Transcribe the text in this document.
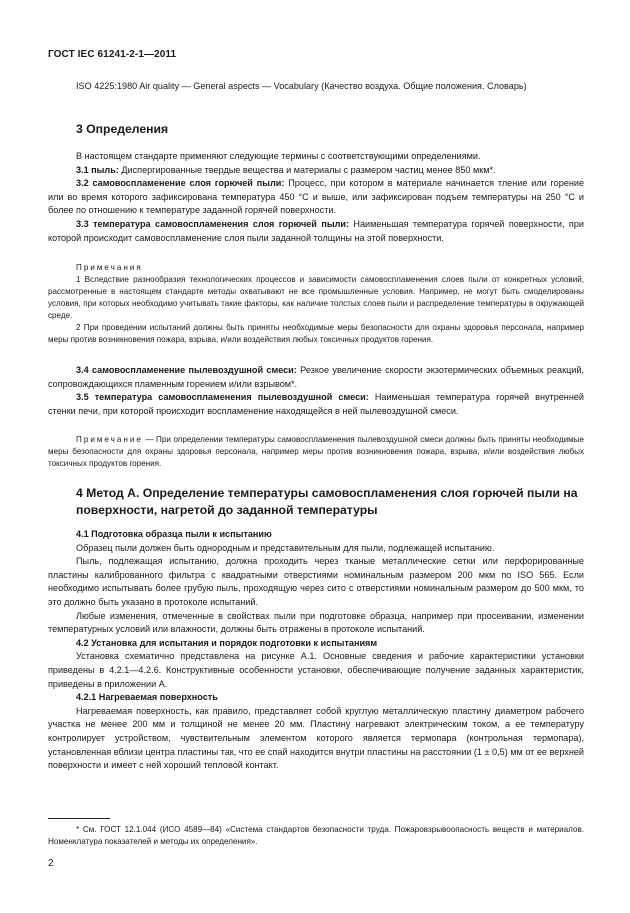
ГОСТ IEC 61241-2-1—2011

ISO 4225:1980 Air quality — General aspects — Vocabulary (Качество воздуха. Общие положения. Словарь)

3 Определения

В настоящем стандарте применяют следующие термины с соответствующими определениями.

3.1 пыль: Диспергированные твердые вещества и материалы с размером частиц менее 850 мкм*.

3.2 самовоспламенение слоя горючей пыли: Процесс, при котором в материале начинается тление или горение или во время которого зафиксирована температура 450 °С и выше, или зафиксирован подъем температуры на 250 °С и более по отношению к температуре заданной горячей поверхности.

3.3 температура самовоспламенения слоя горючей пыли: Наименьшая температура горячей поверхности, при которой происходит самовоспламенение слоя пыли заданной толщины на этой поверхности.

Примечания

1 Вследствие разнообразия технологических процессов и зависимости самовоспламенения слоев пыли от конкретных условий, рассмотренные в настоящем стандарте методы охватывают не все промышленные условия. Например, не могут быть смоделированы условия, при которых необходимо учитывать такие факторы, как наличие толстых слоев пыли и распределение температуры в окружающей среде.

2 При проведении испытаний должны быть приняты необходимые меры безопасности для охраны здоровья персонала, например меры против возникновения пожара, взрыва, и/или воздействия любых токсичных продуктов горения.

3.4 самовоспламенение пылевоздушной смеси: Резкое увеличение скорости экзотермических объемных реакций, сопровождающихся пламенным горением и/или взрывом*.

3.5 температура самовоспламенения пылевоздушной смеси: Наименьшая температура горячей внутренней стенки печи, при которой происходит воспламенение находящейся в ней пылевоздушной смеси.

Примечание — При определении температуры самовоспламенения пылевоздушной смеси должны быть приняты необходимые меры безопасности для охраны здоровья персонала, например меры против возникновения пожара, взрыва, и/или воздействия любых токсичных продуктов горения.

4 Метод А. Определение температуры самовоспламенения слоя горючей пыли на поверхности, нагретой до заданной температуры

4.1 Подготовка образца пыли к испытанию

Образец пыли должен быть однородным и представительным для пыли, подлежащей испытанию.

Пыль, подлежащая испытанию, должна проходить через тканые металлические сетки или перфорированные пластины калиброванного фильтра с квадратными отверстиями номинальным размером 200 мкм по ISO 565. Если необходимо испытывать более грубую пыль, проходящую через сито с отверстиями номинальным размером до 500 мкм, то это должно быть указано в протоколе испытаний.

Любые изменения, отмеченные в свойствах пыли при подготовке образца, например при просеивании, изменении температурных условий или влажности, должны быть отражены в протоколе испытаний.

4.2 Установка для испытания и порядок подготовки к испытаниям

Установка схематично представлена на рисунке А.1. Основные сведения и рабочие характеристики установки приведены в 4.2.1—4.2.6. Конструктивные особенности установки, обеспечивающие получение заданных характеристик, приведены в приложении А.

4.2.1 Нагреваемая поверхность

Нагреваемая поверхность, как правило, представляет собой круглую металлическую пластину диаметром рабочего участка не менее 200 мм и толщиной не менее 20 мм. Пластину нагревают электрическим током, а ее температуру контролирует устройством, чувствительным элементом которого является термопара (контрольная термопара), установленная вблизи центра пластины так, что ее спай находится внутри пластины на расстоянии (1 ± 0,5) мм от ее верхней поверхности и имеет с ней хороший тепловой контакт.

* См. ГОСТ 12.1.044 (ИСО 4589—84) «Система стандартов безопасности труда. Пожаровзрывоопасность веществ и материалов. Номенклатура показателей и методы их определения».

2
